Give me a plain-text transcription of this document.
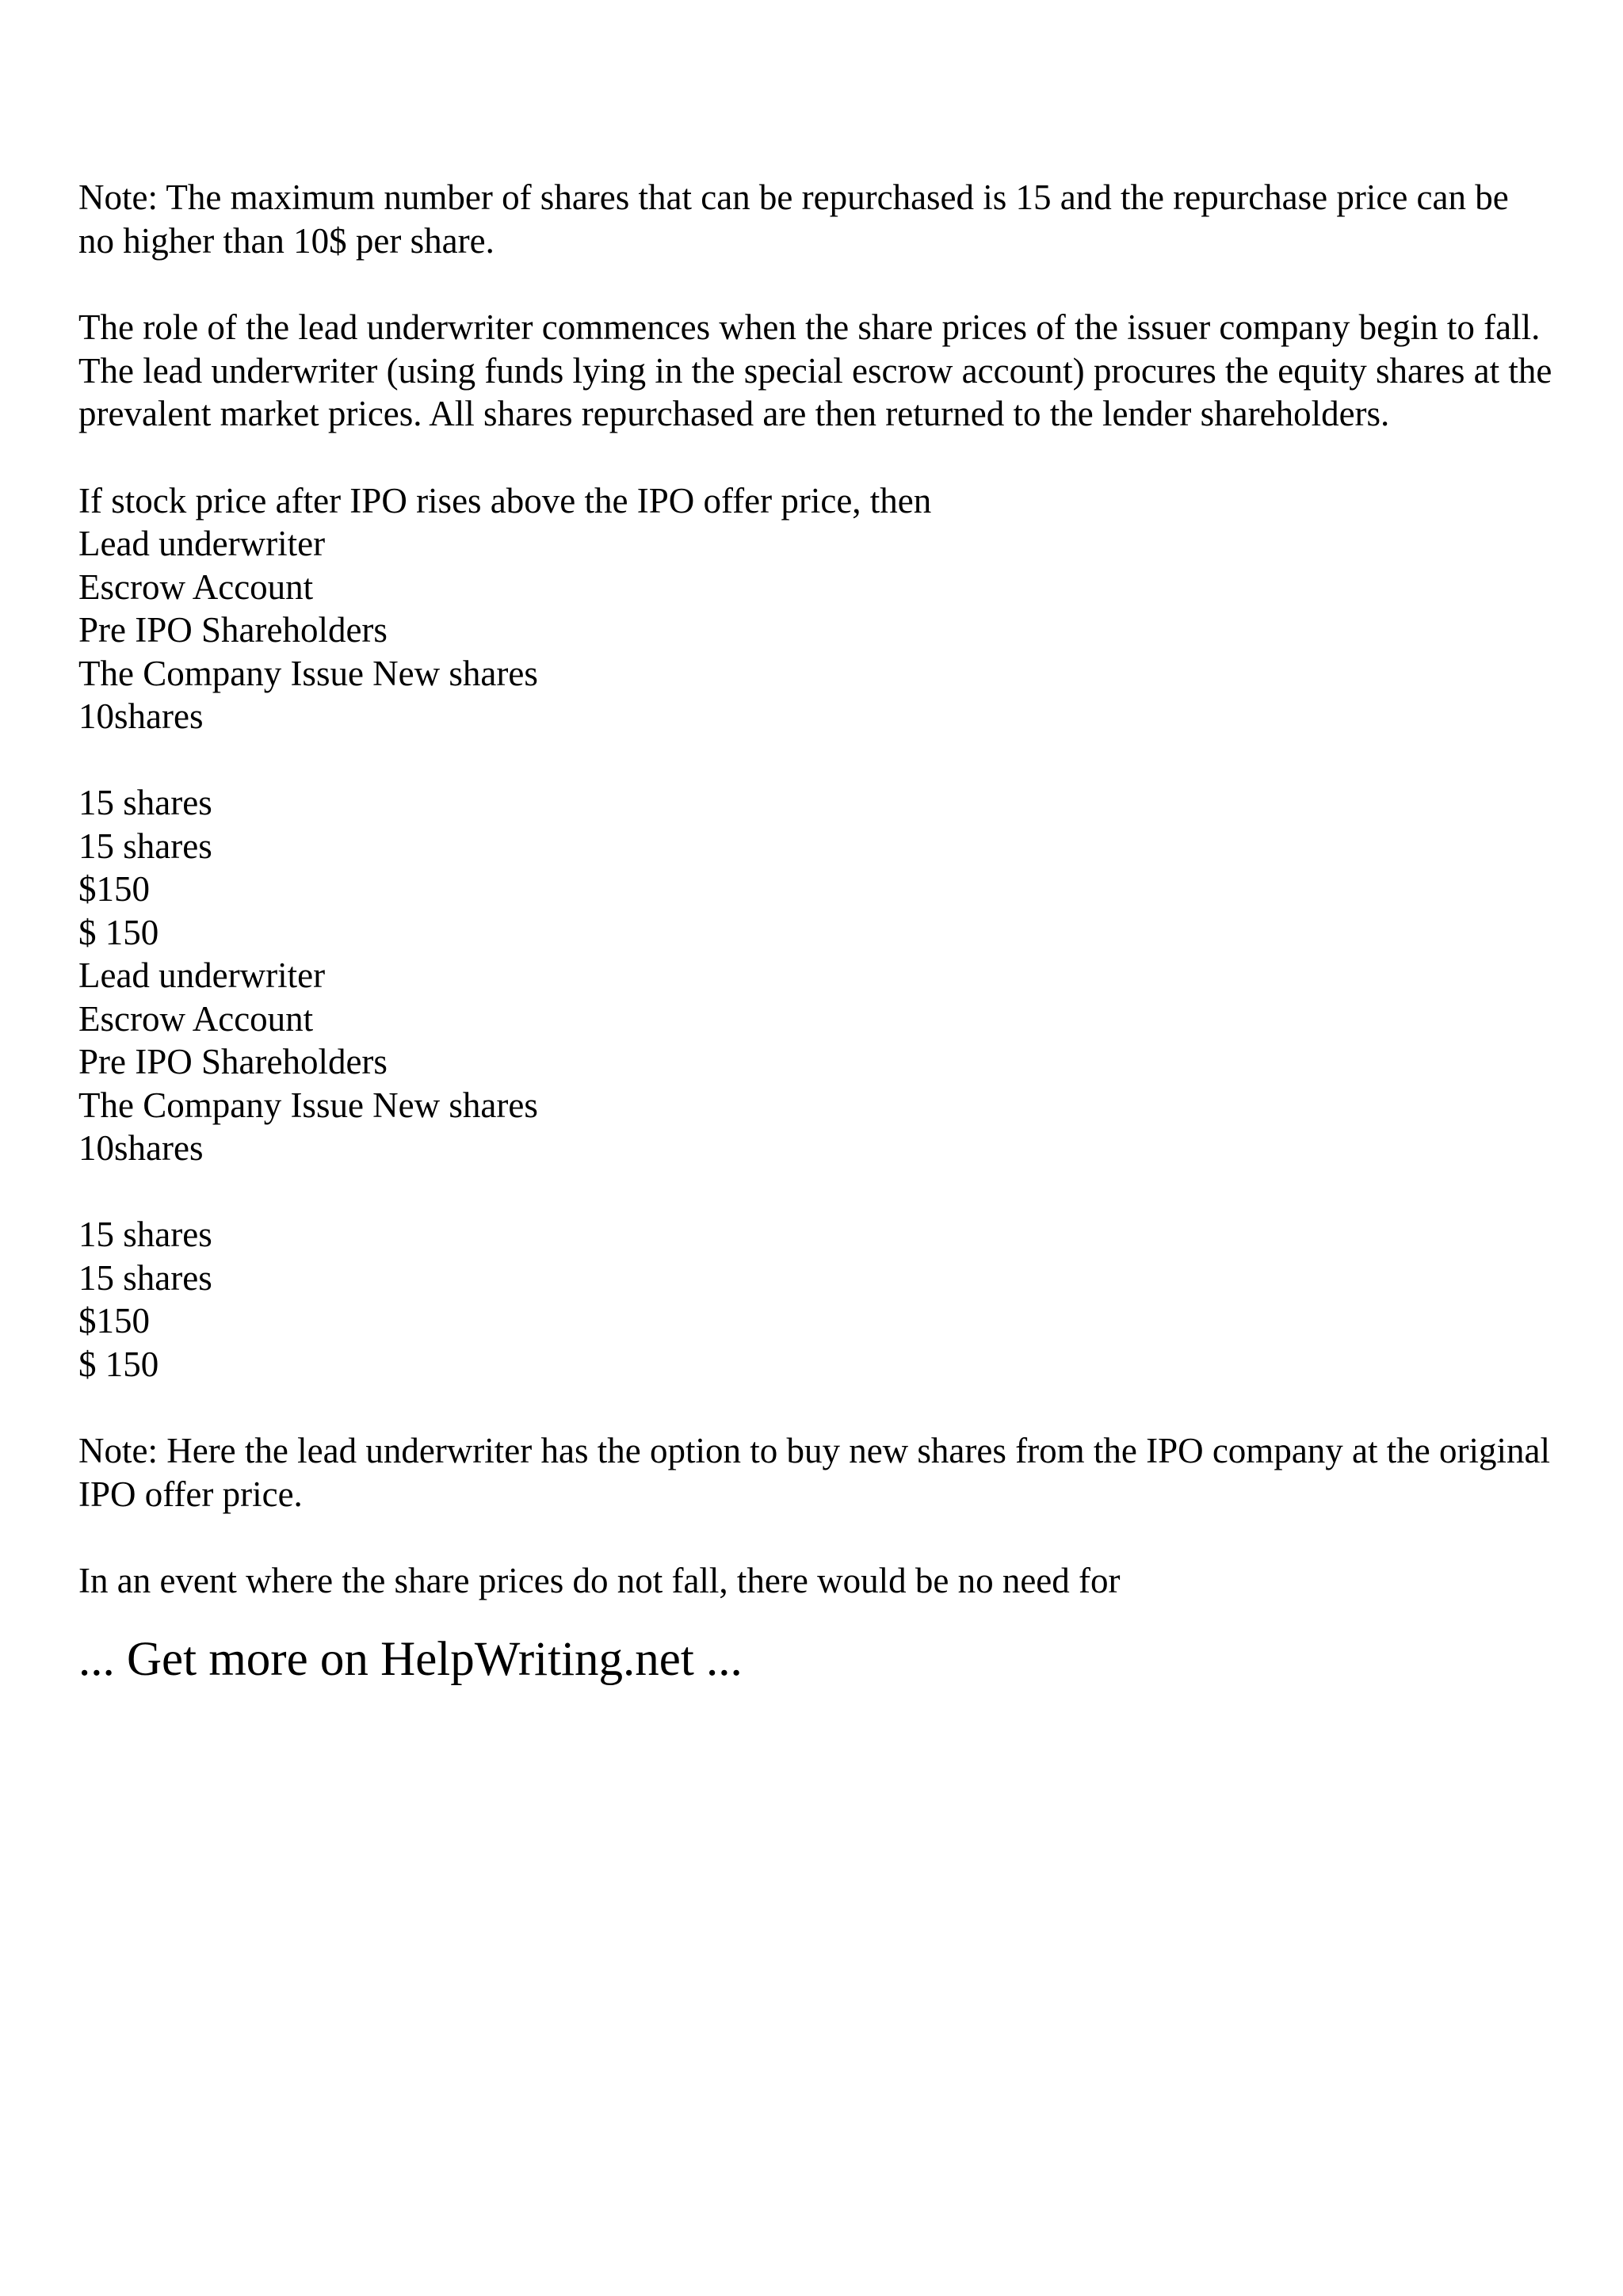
Note: The maximum number of shares that can be repurchased is 15 and the repurchase price can be no higher than 10$ per share.

The role of the lead underwriter commences when the share prices of the issuer company begin to fall. The lead underwriter (using funds lying in the special escrow account) procures the equity shares at the prevalent market prices. All shares repurchased are then returned to the lender shareholders.

If stock price after IPO rises above the IPO offer price, then
Lead underwriter
Escrow Account
Pre IPO Shareholders
The Company Issue New shares
10shares
15 shares
15 shares
$150
$ 150
Lead underwriter
Escrow Account
Pre IPO Shareholders
The Company Issue New shares
10shares
15 shares
15 shares
$150
$ 150

Note: Here the lead underwriter has the option to buy new shares from the IPO company at the original IPO offer price.

In an event where the share prices do not fall, there would be no need for

... Get more on HelpWriting.net ...
